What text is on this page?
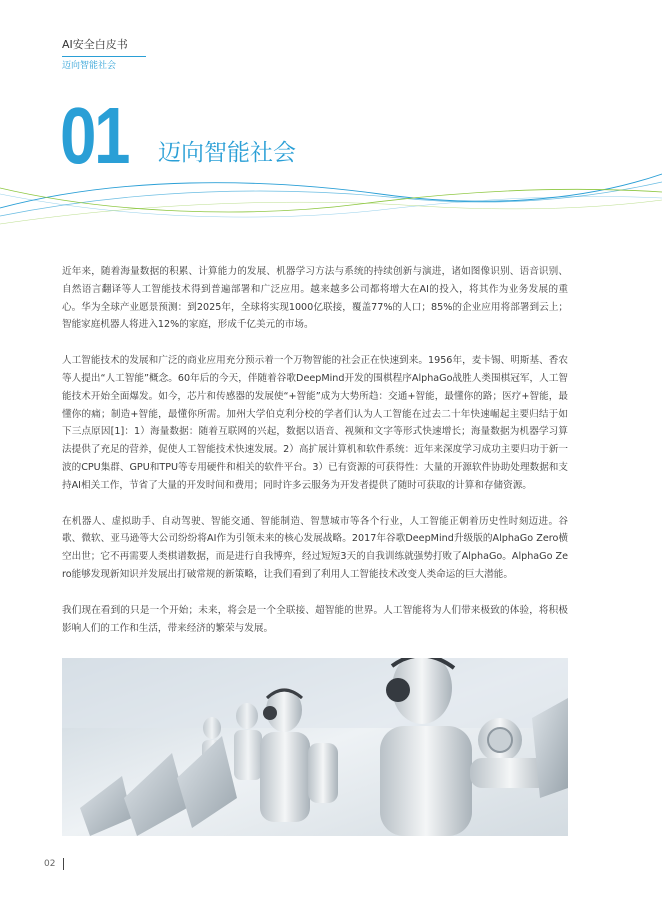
AI安全白皮书
迈向智能社会
01 迈向智能社会

近年来，随着海量数据的积累、计算能力的发展、机器学习方法与系统的持续创新与演进，诸如图像识别、语音识别、自然语言翻译等人工智能技术得到普遍部署和广泛应用。越来越多公司都将增大在AI的投入，将其作为业务发展的重心。华为全球产业愿景预测：到2025年，全球将实现1000亿联接，覆盖77%的人口；85%的企业应用将部署到云上；智能家庭机器人将进入12%的家庭，形成千亿美元的市场。

人工智能技术的发展和广泛的商业应用充分预示着一个万物智能的社会正在快速到来。1956年，麦卡锡、明斯基、香农等人提出“人工智能”概念。60年后的今天，伴随着谷歌DeepMind开发的围棋程序AlphaGo战胜人类围棋冠军，人工智能技术开始全面爆发。如今，芯片和传感器的发展使“+智能”成为大势所趋：交通+智能，最懂你的路；医疗+智能，最懂你的痛；制造+智能，最懂你所需。加州大学伯克利分校的学者们认为人工智能在过去二十年快速崛起主要归结于如下三点原因[1]：1）海量数据：随着互联网的兴起，数据以语音、视频和文字等形式快速增长；海量数据为机器学习算法提供了充足的营养，促使人工智能技术快速发展。2）高扩展计算机和软件系统：近年来深度学习成功主要归功于新一波的CPU集群、GPU和TPU等专用硬件和相关的软件平台。3）已有资源的可获得性：大量的开源软件协助处理数据和支持AI相关工作，节省了大量的开发时间和费用；同时许多云服务为开发者提供了随时可获取的计算和存储资源。

在机器人、虚拟助手、自动驾驶、智能交通、智能制造、智慧城市等各个行业，人工智能正朝着历史性时刻迈进。谷歌、微软、亚马逊等大公司纷纷将AI作为引领未来的核心发展战略。2017年谷歌DeepMind升级版的AlphaGo Zero横空出世；它不再需要人类棋谱数据，而是进行自我博弈，经过短短3天的自我训练就强势打败了AlphaGo。AlphaGo Zero能够发现新知识并发展出打破常规的新策略，让我们看到了利用人工智能技术改变人类命运的巨大潜能。

我们现在看到的只是一个开始；未来，将会是一个全联接、超智能的世界。人工智能将为人们带来极致的体验，将积极影响人们的工作和生活，带来经济的繁荣与发展。

02
